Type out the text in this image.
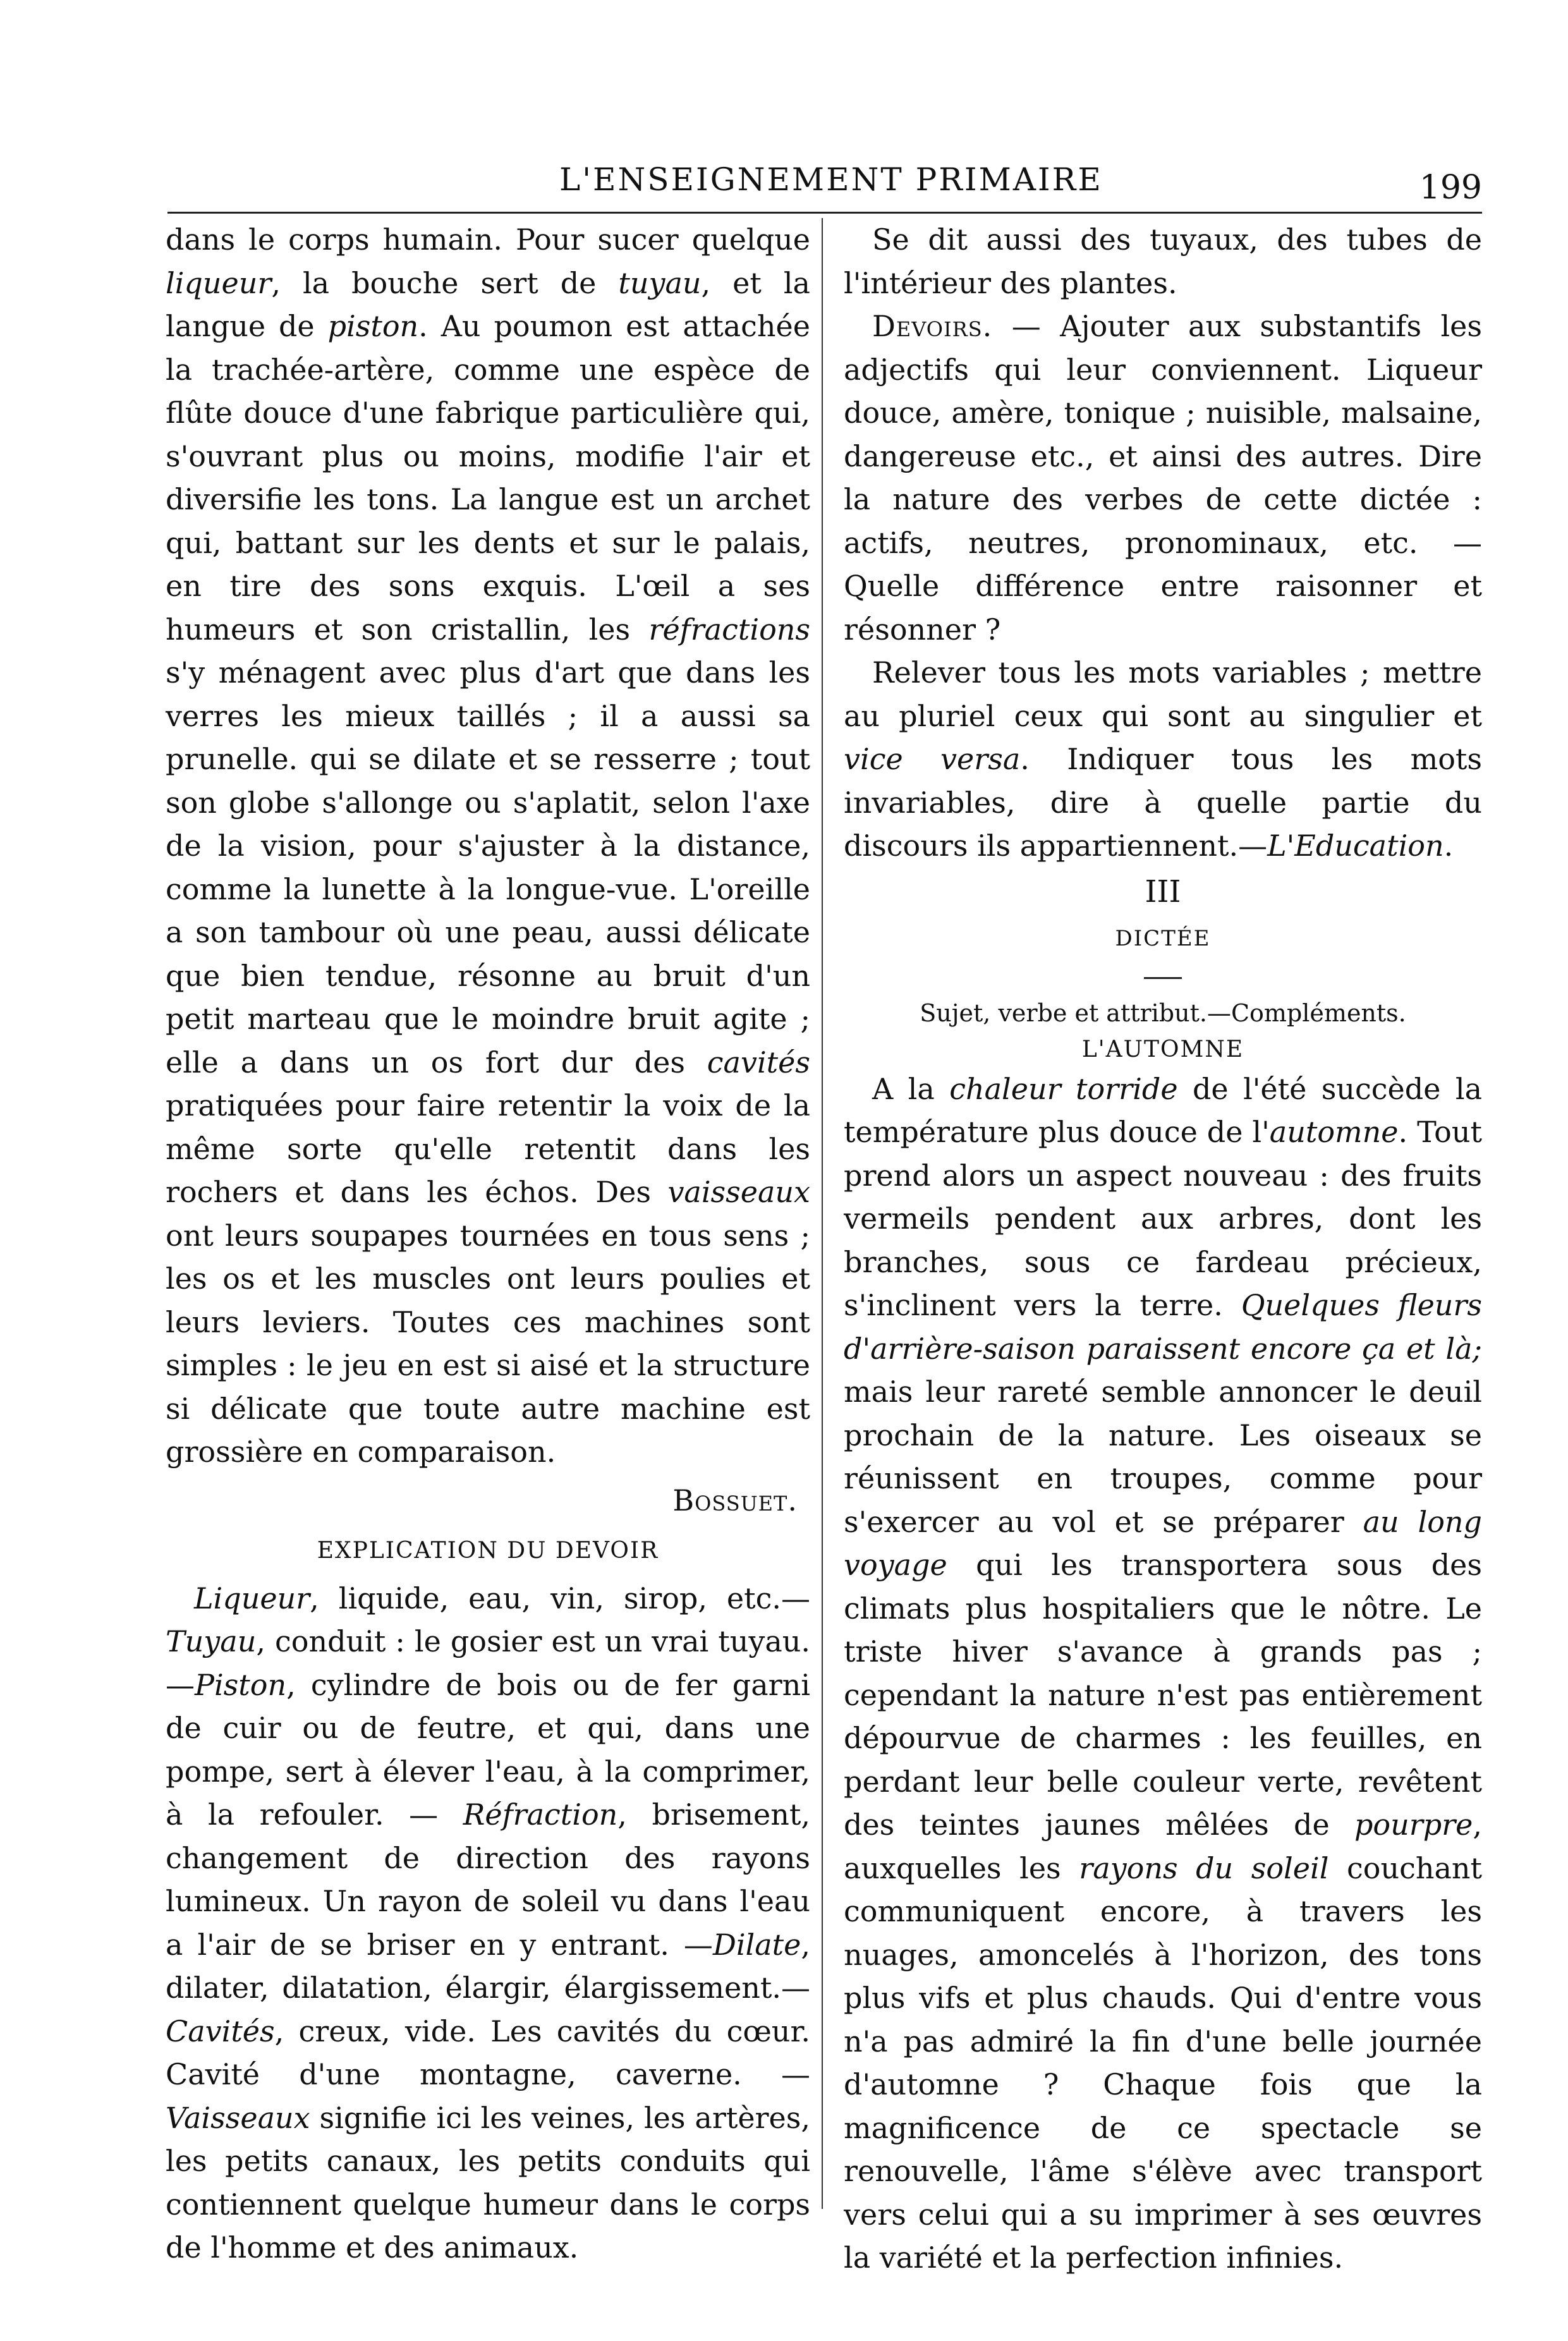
L'ENSEIGNEMENT PRIMAIRE	199

dans le corps humain. Pour sucer quelque liqueur, la bouche sert de tuyau, et la langue de piston. Au poumon est attachée la trachée-artère, comme une espèce de flûte douce d'une fabrique particulière qui, s'ouvrant plus ou moins, modifie l'air et diversifie les tons. La langue est un archet qui, battant sur les dents et sur le palais, en tire des sons exquis. L'œil a ses humeurs et son cristallin, les réfractions s'y ménagent avec plus d'art que dans les verres les mieux taillés ; il a aussi sa prunelle. qui se dilate et se resserre ; tout son globe s'allonge ou s'aplatit, selon l'axe de la vision, pour s'ajuster à la distance, comme la lunette à la longue-vue. L'oreille a son tambour où une peau, aussi délicate que bien tendue, résonne au bruit d'un petit marteau que le moindre bruit agite ; elle a dans un os fort dur des cavités pratiquées pour faire retentir la voix de la même sorte qu'elle retentit dans les rochers et dans les échos. Des vaisseaux ont leurs soupapes tournées en tous sens ; les os et les muscles ont leurs poulies et leurs leviers. Toutes ces machines sont simples : le jeu en est si aisé et la structure si délicate que toute autre machine est grossière en comparaison.

Bossuet.

EXPLICATION DU DEVOIR

Liqueur, liquide, eau, vin, sirop, etc.— Tuyau, conduit : le gosier est un vrai tuyau. —Piston, cylindre de bois ou de fer garni de cuir ou de feutre, et qui, dans une pompe, sert à élever l'eau, à la comprimer, à la refouler. — Réfraction, brisement, changement de direction des rayons lumineux. Un rayon de soleil vu dans l'eau a l'air de se briser en y entrant. —Dilate, dilater, dilatation, élargir, élargissement.—Cavités, creux, vide. Les cavités du cœur. Cavité d'une montagne, caverne. — Vaisseaux signifie ici les veines, les artères, les petits canaux, les petits conduits qui contiennent quelque humeur dans le corps de l'homme et des animaux.

Se dit aussi des tuyaux, des tubes de l'intérieur des plantes.

Devoirs. — Ajouter aux substantifs les adjectifs qui leur conviennent. Liqueur douce, amère, tonique ; nuisible, malsaine, dangereuse etc., et ainsi des autres. Dire la nature des verbes de cette dictée : actifs, neutres, pronominaux, etc. — Quelle différence entre raisonner et résonner ?

Relever tous les mots variables ; mettre au pluriel ceux qui sont au singulier et vice versa. Indiquer tous les mots invariables, dire à quelle partie du discours ils appartiennent.—L'Education.

III

DICTÉE

Sujet, verbe et attribut.—Compléments.

L'AUTOMNE

A la chaleur torride de l'été succède la température plus douce de l'automne. Tout prend alors un aspect nouveau : des fruits vermeils pendent aux arbres, dont les branches, sous ce fardeau précieux, s'inclinent vers la terre. Quelques fleurs d'arrière-saison paraissent encore ça et là; mais leur rareté semble annoncer le deuil prochain de la nature. Les oiseaux se réunissent en troupes, comme pour s'exercer au vol et se préparer au long voyage qui les transportera sous des climats plus hospitaliers que le nôtre. Le triste hiver s'avance à grands pas ; cependant la nature n'est pas entièrement dépourvue de charmes : les feuilles, en perdant leur belle couleur verte, revêtent des teintes jaunes mêlées de pourpre, auxquelles les rayons du soleil couchant communiquent encore, à travers les nuages, amoncelés à l'horizon, des tons plus vifs et plus chauds. Qui d'entre vous n'a pas admiré la fin d'une belle journée d'automne ? Chaque fois que la magnificence de ce spectacle se renouvelle, l'âme s'élève avec transport vers celui qui a su imprimer à ses œuvres la variété et la perfection infinies.
